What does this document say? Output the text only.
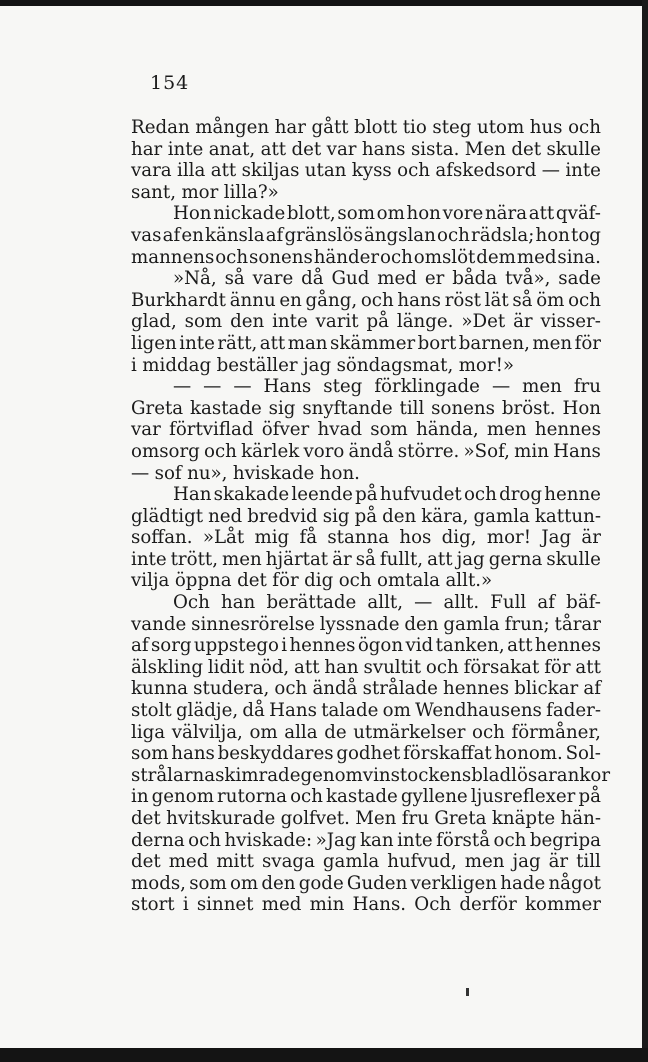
154
Redan mången har gått blott tio steg utom hus och
har inte anat, att det var hans sista. Men det skulle
vara illa att skiljas utan kyss och afskedsord — inte
sant, mor lilla?»
Hon nickade blott, som om hon vore nära att qväf-
vas af en känsla af gränslös ängslan och rädsla; hon tog
mannens och sonens händer och omslöt dem med sina.
»Nå, så vare då Gud med er båda två», sade
Burkhardt ännu en gång, och hans röst lät så öm och
glad, som den inte varit på länge. »Det är visser-
ligen inte rätt, att man skämmer bort barnen, men för
i middag beställer jag söndagsmat, mor!»
— — — Hans steg förklingade — men fru
Greta kastade sig snyftande till sonens bröst. Hon
var förtviflad öfver hvad som hända, men hennes
omsorg och kärlek voro ändå större. »Sof, min Hans
— sof nu», hviskade hon.
Han skakade leende på hufvudet och drog henne
glädtigt ned bredvid sig på den kära, gamla kattun-
soffan. »Låt mig få stanna hos dig, mor! Jag är
inte trött, men hjärtat är så fullt, att jag gerna skulle
vilja öppna det för dig och omtala allt.»
Och han berättade allt, — allt. Full af bäf-
vande sinnesrörelse lyssnade den gamla frun; tårar
af sorg uppstego i hennes ögon vid tanken, att hennes
älskling lidit nöd, att han svultit och försakat för att
kunna studera, och ändå strålade hennes blickar af
stolt glädje, då Hans talade om Wendhausens fader-
liga välvilja, om alla de utmärkelser och förmåner,
som hans beskyddares godhet förskaffat honom. Sol-
strålarna skimrade genom vinstockens bladlösa rankor
in genom rutorna och kastade gyllene ljusreflexer på
det hvitskurade golfvet. Men fru Greta knäpte hän-
derna och hviskade: »Jag kan inte förstå och begripa
det med mitt svaga gamla hufvud, men jag är till
mods, som om den gode Guden verkligen hade något
stort i sinnet med min Hans. Och derför kommer
